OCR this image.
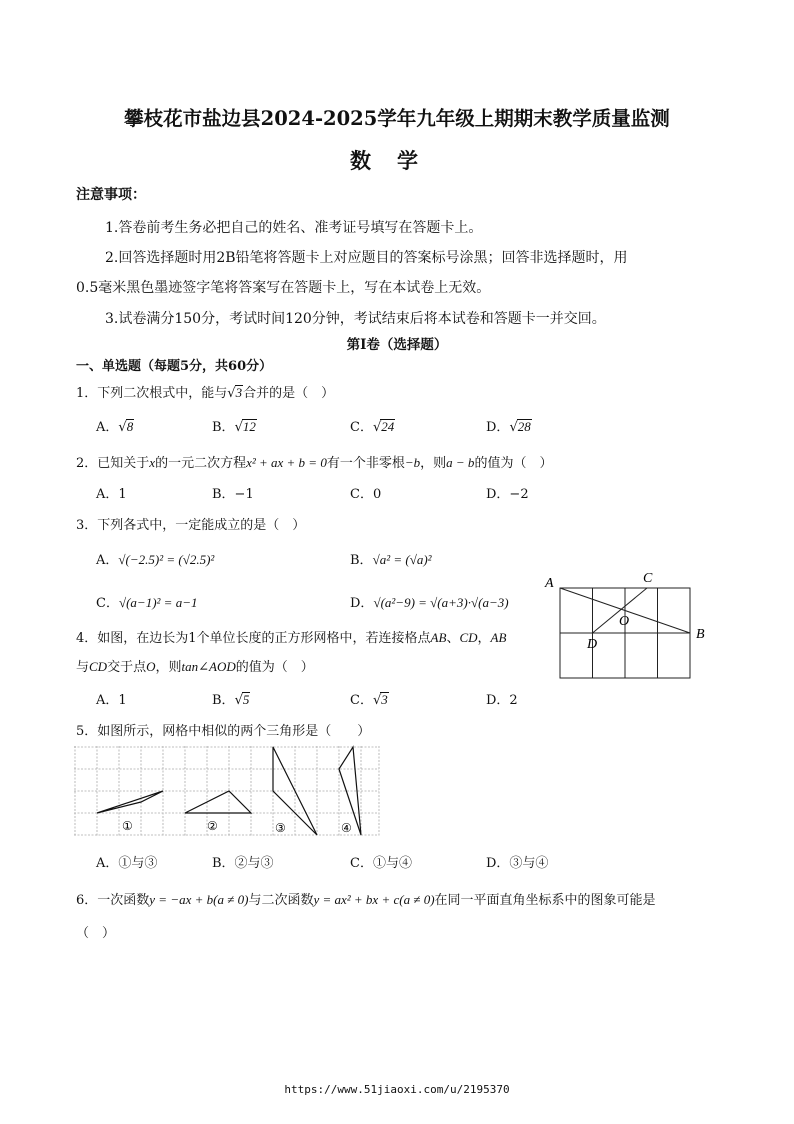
攀枝花市盐边县2024-2025学年九年级上期期末教学质量监测
数学
注意事项：
1.答卷前考生务必把自己的姓名、准考证号填写在答题卡上。
2.回答选择题时用2B铅笔将答题卡上对应题目的答案标号涂黑；回答非选择题时，用
0.5毫米黑色墨迹签字笔将答案写在答题卡上，写在本试卷上无效。
3.试卷满分150分，考试时间120分钟，考试结束后将本试卷和答题卡一并交回。
第I卷（选择题）
一、单选题（每题5分，共60分）
1．下列二次根式中，能与√3合并的是（　）
A．√8	B．√12	C．√24	D．√28
2．已知关于x的一元二次方程x² + ax + b = 0有一个非零根−b，则a − b的值为（　）
A．1	B．−1	C．0	D．−2
3．下列各式中，一定能成立的是（　）
A．√(−2.5)² = (√2.5)²	B．√a² = (√a)²
C．√(a−1)² = a−1	D．√(a²−9) = √(a+3)·√(a−3)
4．如图，在边长为1个单位长度的正方形网格中，若连接格点AB、CD，AB
与CD交于点O，则tan∠AOD的值为（　）
A．1	B．√5	C．√3	D．2
A	C
O
B
D
5．如图所示，网格中相似的两个三角形是（　　）
①	②	③	④
A．①与③	B．②与③	C．①与④	D．③与④
6．一次函数y = −ax + b(a ≠ 0)与二次函数y = ax² + bx + c(a ≠ 0)在同一平面直角坐标系中的图象可能是
（　）
https://www.51jiaoxi.com/u/2195370
